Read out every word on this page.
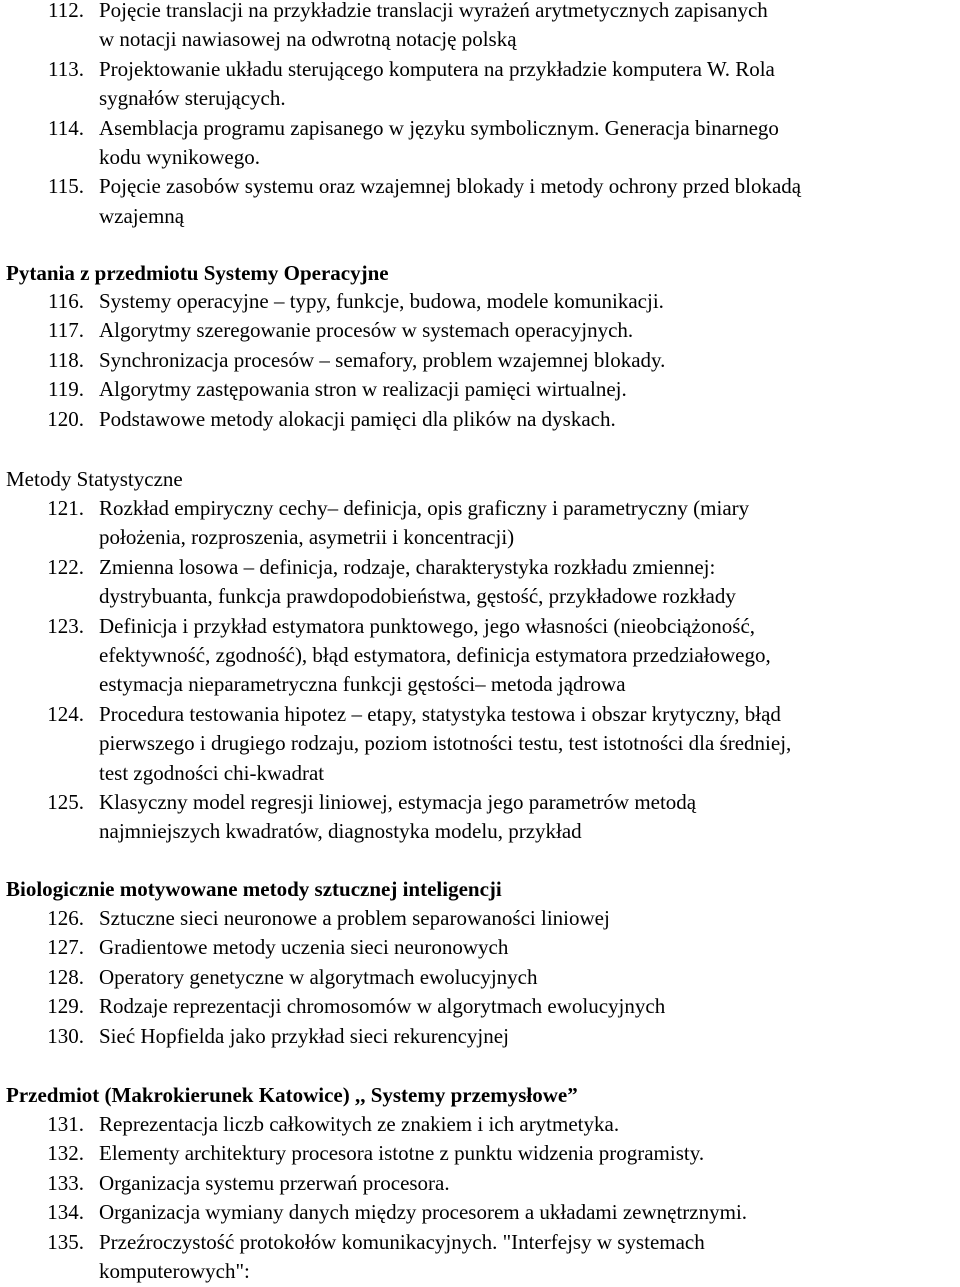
112. Pojęcie translacji na przykładzie translacji wyrażeń arytmetycznych zapisanych
w notacji nawiasowej na odwrotną notację polską
113. Projektowanie układu sterującego komputera na przykładzie komputera W. Rola
sygnałów sterujących.
114. Asemblacja programu zapisanego w języku symbolicznym. Generacja binarnego
kodu wynikowego.
115. Pojęcie zasobów systemu oraz wzajemnej blokady i metody ochrony przed blokadą
wzajemną
Pytania z przedmiotu Systemy Operacyjne
116. Systemy operacyjne – typy, funkcje, budowa, modele komunikacji.
117. Algorytmy szeregowanie procesów w systemach operacyjnych.
118. Synchronizacja procesów – semafory, problem wzajemnej blokady.
119. Algorytmy zastępowania stron w realizacji pamięci wirtualnej.
120. Podstawowe metody alokacji pamięci dla plików na dyskach.
Metody Statystyczne
121. Rozkład empiryczny cechy– definicja, opis graficzny i parametryczny (miary
położenia, rozproszenia, asymetrii i koncentracji)
122. Zmienna losowa – definicja, rodzaje, charakterystyka rozkładu zmiennej:
dystrybuanta, funkcja prawdopodobieństwa, gęstość, przykładowe rozkłady
123. Definicja i przykład estymatora punktowego, jego własności (nieobciążoność,
efektywność, zgodność), błąd estymatora, definicja estymatora przedziałowego,
estymacja nieparametryczna funkcji gęstości– metoda jądrowa
124. Procedura testowania hipotez – etapy, statystyka testowa i obszar krytyczny, błąd
pierwszego i drugiego rodzaju, poziom istotności testu, test istotności dla średniej,
test zgodności chi-kwadrat
125. Klasyczny model regresji liniowej, estymacja jego parametrów metodą
najmniejszych kwadratów, diagnostyka modelu, przykład
Biologicznie motywowane metody sztucznej inteligencji
126. Sztuczne sieci neuronowe a problem separowaności liniowej
127. Gradientowe metody uczenia sieci neuronowych
128. Operatory genetyczne w algorytmach ewolucyjnych
129. Rodzaje reprezentacji chromosomów w algorytmach ewolucyjnych
130. Sieć Hopfielda jako przykład sieci rekurencyjnej
Przedmiot (Makrokierunek Katowice) ,, Systemy przemysłowe”
131. Reprezentacja liczb całkowitych ze znakiem i ich arytmetyka.
132. Elementy architektury procesora istotne z punktu widzenia programisty.
133. Organizacja systemu przerwań procesora.
134. Organizacja wymiany danych między procesorem a układami zewnętrznymi.
135. Przeźroczystość protokołów komunikacyjnych. "Interfejsy w systemach
komputerowych":
